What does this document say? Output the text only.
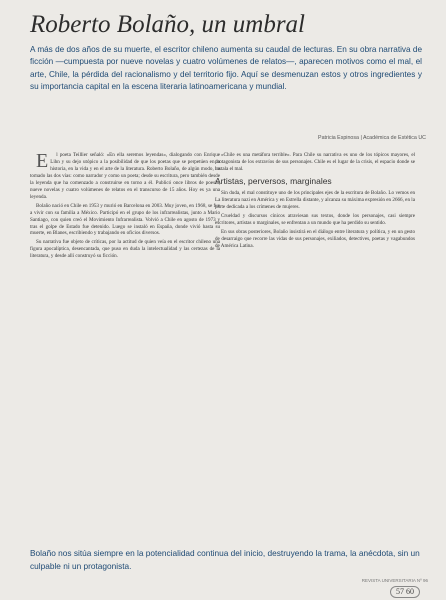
Roberto Bolaño, un umbral
A más de dos años de su muerte, el escritor chileno aumenta su caudal de lecturas. En su obra narrativa de ficción —cumpuesta por nueve novelas y cuatro volúmenes de relatos—, aparecen motivos como el mal, el arte, Chile, la pérdida del racionalismo y del territorio fijo. Aquí se desmenuzan estos y otros ingredientes y su importancia capital en la escena literaria latinoamericana y mundial.
Patricia Espinosa | Académica de Estética UC

E l poeta Teillier señaló: «En ella seremos leyendas», dialogando con Enrique Lihn y su dejo utópico a la posibilidad de que los poetas que se perpetúen en la historia, en la vida y en el arte de la literatura. Roberto Bolaño, de algún modo, ha tomado las dos vías: como narrador y como un poeta; desde su escritura, pero también desde la leyenda que ha comenzado a construirse en torno a él. Publicó once libros de poesía, nueve novelas y cuatro volúmenes de relatos en el transcurso de 15 años. Hoy es ya una leyenda.

Bolaño nació en Chile en 1953 y murió en Barcelona en 2003. Muy joven, en 1968, se fue a vivir con su familia a México. Participó en el grupo de los infrarrealistas, junto a Mario Santiago, con quien creó el Movimiento Infrarrealista. Volvió a Chile en agosto de 1973 y tras el golpe de Estado fue detenido. Luego se instaló en España, donde vivió hasta su muerte, en Blanes, escribiendo y trabajando en oficios diversos.

Su narrativa fue objeto de críticas, por la actitud de quien veía en el escritor chileno una figura apocalíptica, desencantada, que puso en duda la intelectualidad y las certezas de la literatura, y desde allí construyó su ficción.

«Chile es una metáfora terrible». Para Chile su narrativa es uno de los tópicos mayores, el protagonista de los extravíos de sus personajes. Chile es el lugar de la crisis, el espacio donde se instala el mal.

Artistas, perversos, marginales

Sin duda, el mal constituye uno de los principales ejes de la escritura de Bolaño. Lo vemos en La literatura nazi en América y en Estrella distante, y alcanza su máxima expresión en 2666, en la parte dedicada a los crímenes de mujeres.

Crueldad y discursos cínicos atraviesan sus textos, donde los personajes, casi siempre escritores, artistas o marginales, se enfrentan a un mundo que ha perdido su sentido.

En sus obras posteriores, Bolaño insistirá en el diálogo entre literatura y política, y en un gesto de desarraigo que recorre las vidas de sus personajes, exiliados, detectives, poetas y vagabundos de América Latina.

Bolaño nos sitúa siempre en la potencialidad continua del inicio, destruyendo la trama, la anécdota, sin un culpable ni un protagonista.
REVISTA UNIVERSITARIA Nº 96
57 60
